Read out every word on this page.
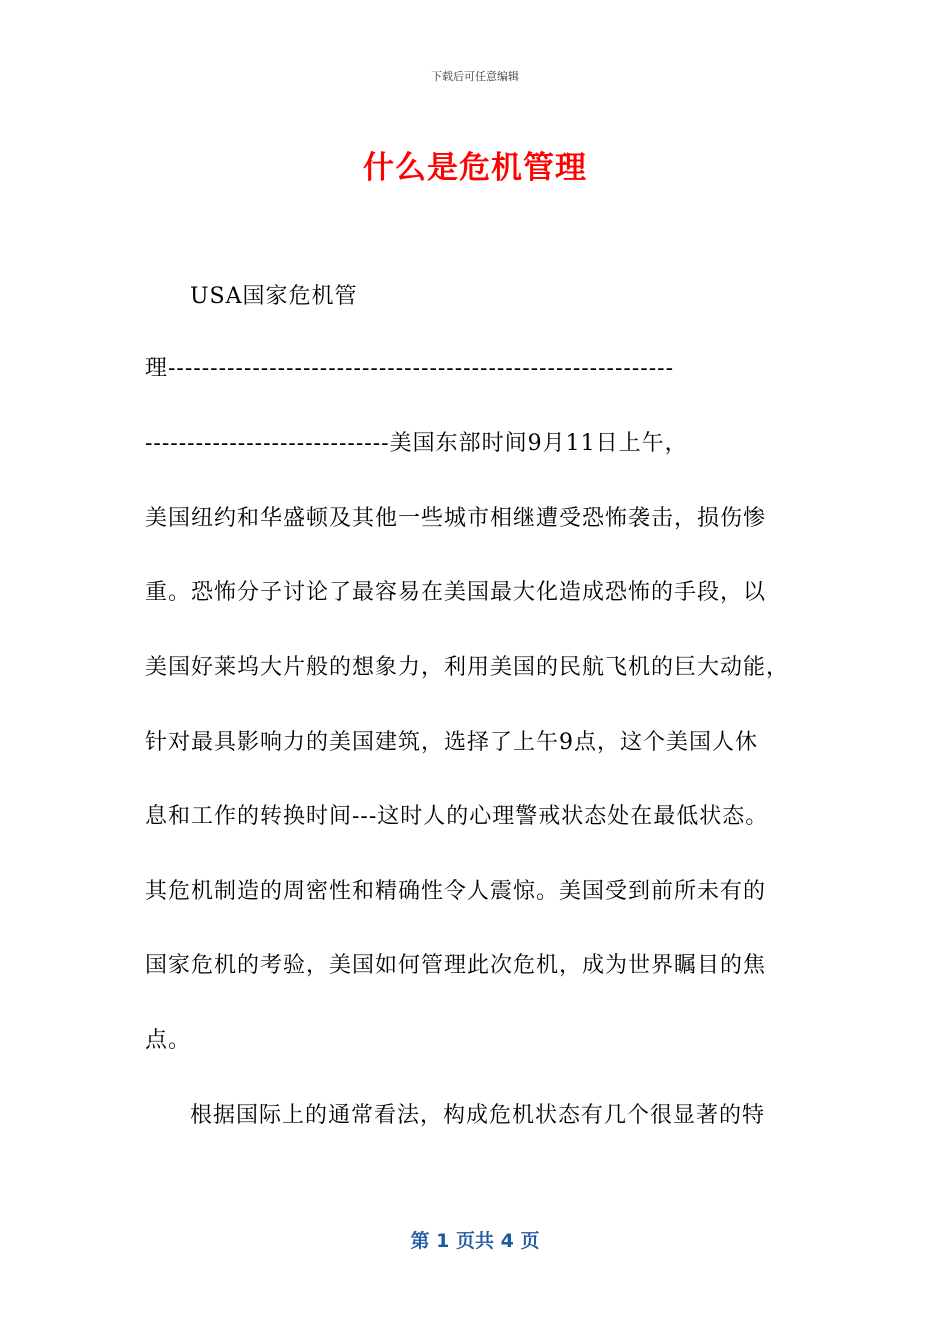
下载后可任意编辑
什么是危机管理
USA国家危机管
理------------------------------------------------------------
-----------------------------美国东部时间9月11日上午，
美国纽约和华盛顿及其他一些城市相继遭受恐怖袭击，损伤惨
重。恐怖分子讨论了最容易在美国最大化造成恐怖的手段，以
美国好莱坞大片般的想象力，利用美国的民航飞机的巨大动能，
针对最具影响力的美国建筑，选择了上午9点，这个美国人休
息和工作的转换时间---这时人的心理警戒状态处在最低状态。
其危机制造的周密性和精确性令人震惊。美国受到前所未有的
国家危机的考验，美国如何管理此次危机，成为世界瞩目的焦
点。
根据国际上的通常看法，构成危机状态有几个很显著的特
第 1 页共 4 页
